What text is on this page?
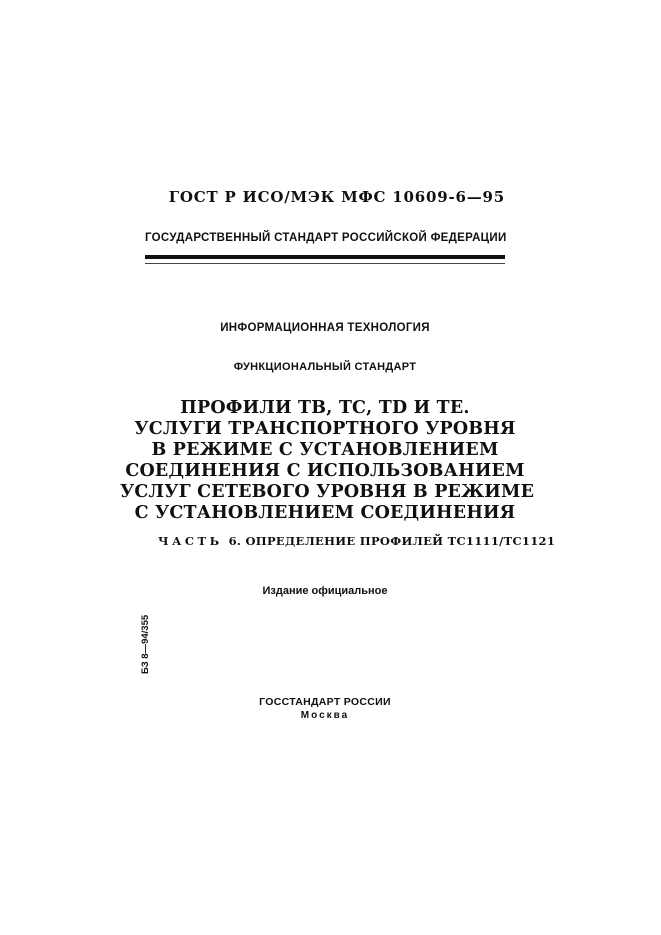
ГОСТ Р ИСО/МЭК МФС 10609-6—95
ГОСУДАРСТВЕННЫЙ СТАНДАРТ РОССИЙСКОЙ ФЕДЕРАЦИИ
ИНФОРМАЦИОННАЯ ТЕХНОЛОГИЯ
ФУНКЦИОНАЛЬНЫЙ СТАНДАРТ
ПРОФИЛИ ТВ, ТС, TD И ТЕ.
УСЛУГИ ТРАНСПОРТНОГО УРОВНЯ
В РЕЖИМЕ С УСТАНОВЛЕНИЕМ
СОЕДИНЕНИЯ С ИСПОЛЬЗОВАНИЕМ
УСЛУГ СЕТЕВОГО УРОВНЯ В РЕЖИМЕ
С УСТАНОВЛЕНИЕМ СОЕДИНЕНИЯ
ЧАСТЬ 6. ОПРЕДЕЛЕНИЕ ПРОФИЛЕЙ ТС1111/ТС1121
Издание официальное
БЗ 8—94/355
ГОССТАНДАРТ РОССИИ
Москва
